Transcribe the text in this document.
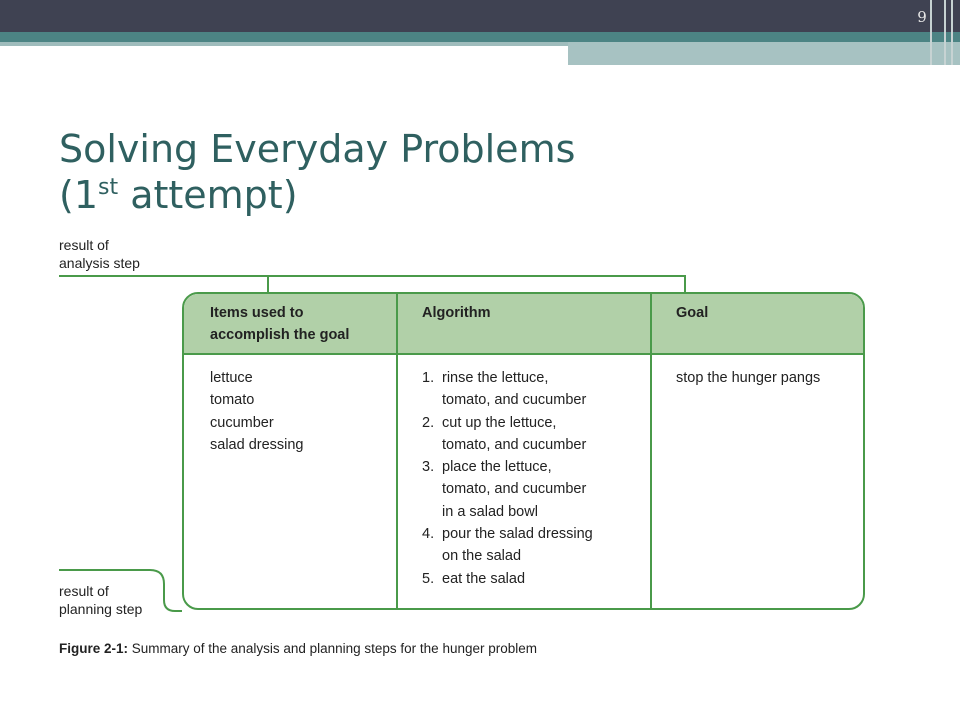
9
Solving Everyday Problems
(1st attempt)
result of
analysis step
result of
planning step
Items used to
accomplish the goal
Algorithm	Goal
lettuce
tomato
cucumber
salad dressing
1. rinse the lettuce,
tomato, and cucumber
2. cut up the lettuce,
tomato, and cucumber
3. place the lettuce,
tomato, and cucumber
in a salad bowl
4. pour the salad dressing
on the salad
5. eat the salad
stop the hunger pangs
Figure 2-1: Summary of the analysis and planning steps for the hunger problem
